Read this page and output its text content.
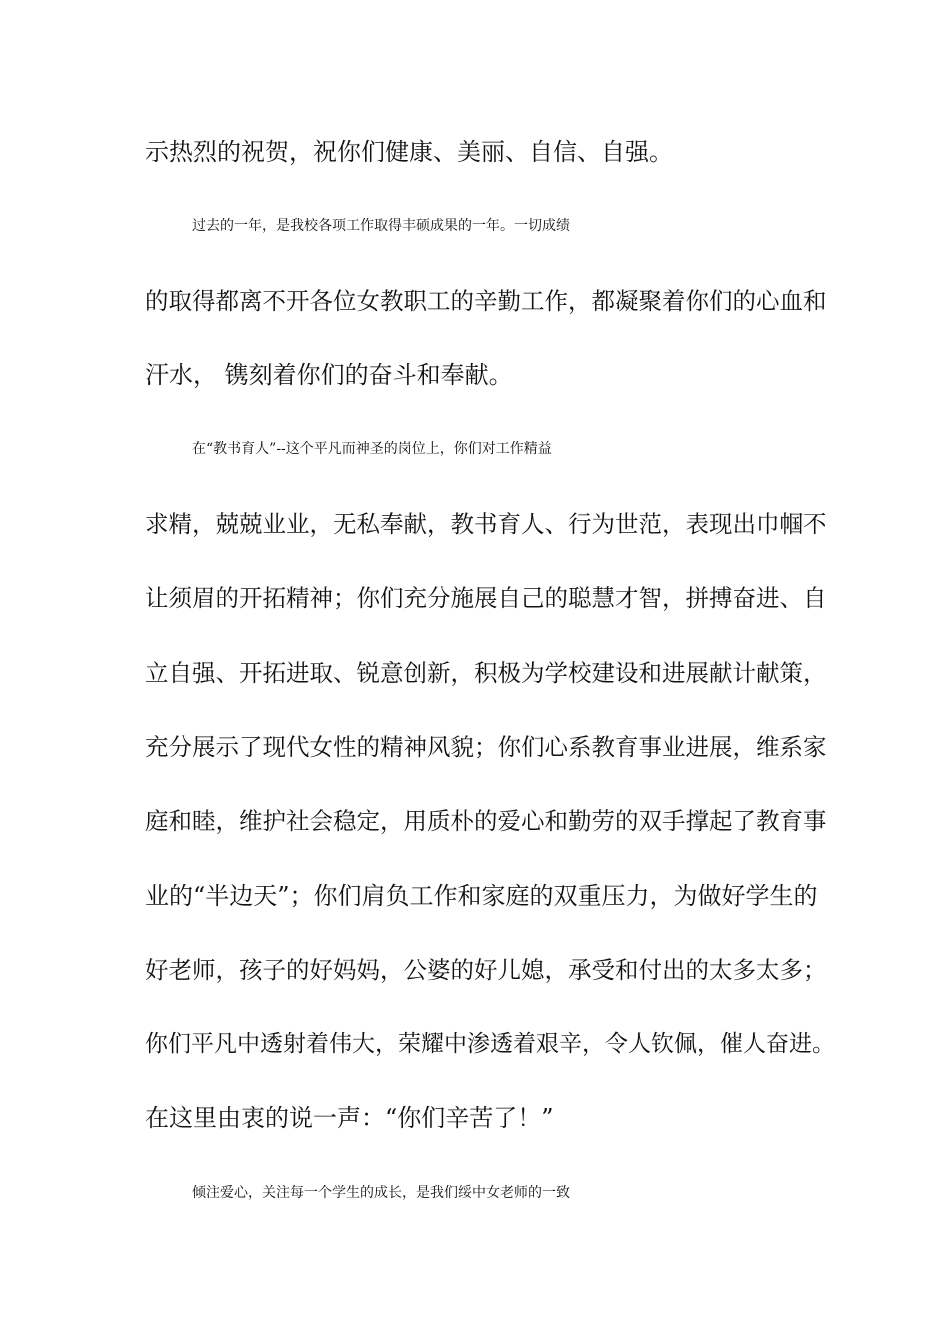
示热烈的祝贺，祝你们健康、美丽、自信、自强。
过去的一年，是我校各项工作取得丰硕成果的一年。一切成绩
的取得都离不开各位女教职工的辛勤工作，都凝聚着你们的心血和
汗水， 镌刻着你们的奋斗和奉献。
在“教书育人”--这个平凡而神圣的岗位上，你们对工作精益
求精，兢兢业业，无私奉献，教书育人、行为世范，表现出巾帼不
让须眉的开拓精神；你们充分施展自己的聪慧才智，拼搏奋进、自
立自强、开拓进取、锐意创新，积极为学校建设和进展献计献策，
充分展示了现代女性的精神风貌；你们心系教育事业进展，维系家
庭和睦，维护社会稳定，用质朴的爱心和勤劳的双手撑起了教育事
业的“半边天”；你们肩负工作和家庭的双重压力，为做好学生的
好老师，孩子的好妈妈，公婆的好儿媳，承受和付出的太多太多；
你们平凡中透射着伟大，荣耀中渗透着艰辛，令人钦佩，催人奋进。
在这里由衷的说一声：“你们辛苦了！”
倾注爱心，关注每一个学生的成长，是我们绥中女老师的一致
